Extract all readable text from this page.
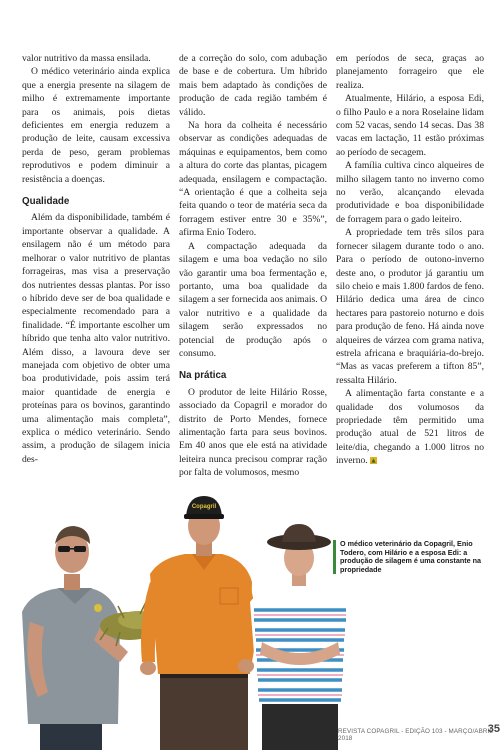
valor nutritivo da massa ensilada.

O médico veterinário ainda explica que a energia presente na silagem de milho é extremamente importante para os animais, pois dietas deficientes em energia reduzem a produção de leite, causam excessiva perda de peso, geram problemas reprodutivos e podem diminuir a resistência a doenças.

Qualidade

Além da disponibilidade, também é importante observar a qualidade. A ensilagem não é um método para melhorar o valor nutritivo de plantas forrageiras, mas visa a preservação dos nutrientes dessas plantas. Por isso o híbrido deve ser de boa qualidade e especialmente recomendado para a finalidade. “É importante escolher um híbrido que tenha alto valor nutritivo. Além disso, a lavoura deve ser manejada com objetivo de obter uma boa produtividade, pois assim terá maior quantidade de energia e proteínas para os bovinos, garantindo uma alimentação mais completa”, explica o médico veterinário. Sendo assim, a produção de silagem inicia des-

de a correção do solo, com adubação de base e de cobertura. Um híbrido mais bem adaptado às condições de produção de cada região também é válido.

Na hora da colheita é necessário observar as condições adequadas de máquinas e equipamentos, bem como a altura do corte das plantas, picagem adequada, ensilagem e compactação. “A orientação é que a colheita seja feita quando o teor de matéria seca da forragem estiver entre 30 e 35%”, afirma Enio Todero.

A compactação adequada da silagem e uma boa vedação no silo vão garantir uma boa fermentação e, portanto, uma boa qualidade da silagem a ser fornecida aos animais. O valor nutritivo e a qualidade da silagem serão expressados no potencial de produção após o consumo.

Na prática

O produtor de leite Hilário Rosse, associado da Copagril e morador do distrito de Porto Mendes, fornece alimentação farta para seus bovinos. Em 40 anos que ele está na atividade leiteira nunca precisou comprar ração por falta de volumosos, mesmo

em períodos de seca, graças ao planejamento forrageiro que ele realiza.

Atualmente, Hilário, a esposa Edi, o filho Paulo e a nora Roselaine lidam com 52 vacas, sendo 14 secas. Das 38 vacas em lactação, 11 estão próximas ao período de secagem.

A família cultiva cinco alqueires de milho silagem tanto no inverno como no verão, alcançando elevada produtividade e boa disponibilidade de forragem para o gado leiteiro.

A propriedade tem três silos para fornecer silagem durante todo o ano. Para o período de outono-inverno deste ano, o produtor já garantiu um silo cheio e mais 1.800 fardos de feno. Hilário dedica uma área de cinco hectares para pastoreio noturno e dois para produção de feno. Há ainda nove alqueires de várzea com grama nativa, estrela africana e braquiária-do-brejo. “Mas as vacas preferem a tifton 85”, ressalta Hilário.

A alimentação farta constante e a qualidade dos volumosos da propriedade têm permitido uma produção atual de 521 litros de leite/dia, chegando a 1.000 litros no inverno.

Copagril
O médico veterinário da Copagril, Enio Todero, com Hilário e a esposa Edi: a produção de silagem é uma constante na propriedade
REVISTA COPAGRIL - EDIÇÃO 103 - MARÇO/ABRIL 2018
35
